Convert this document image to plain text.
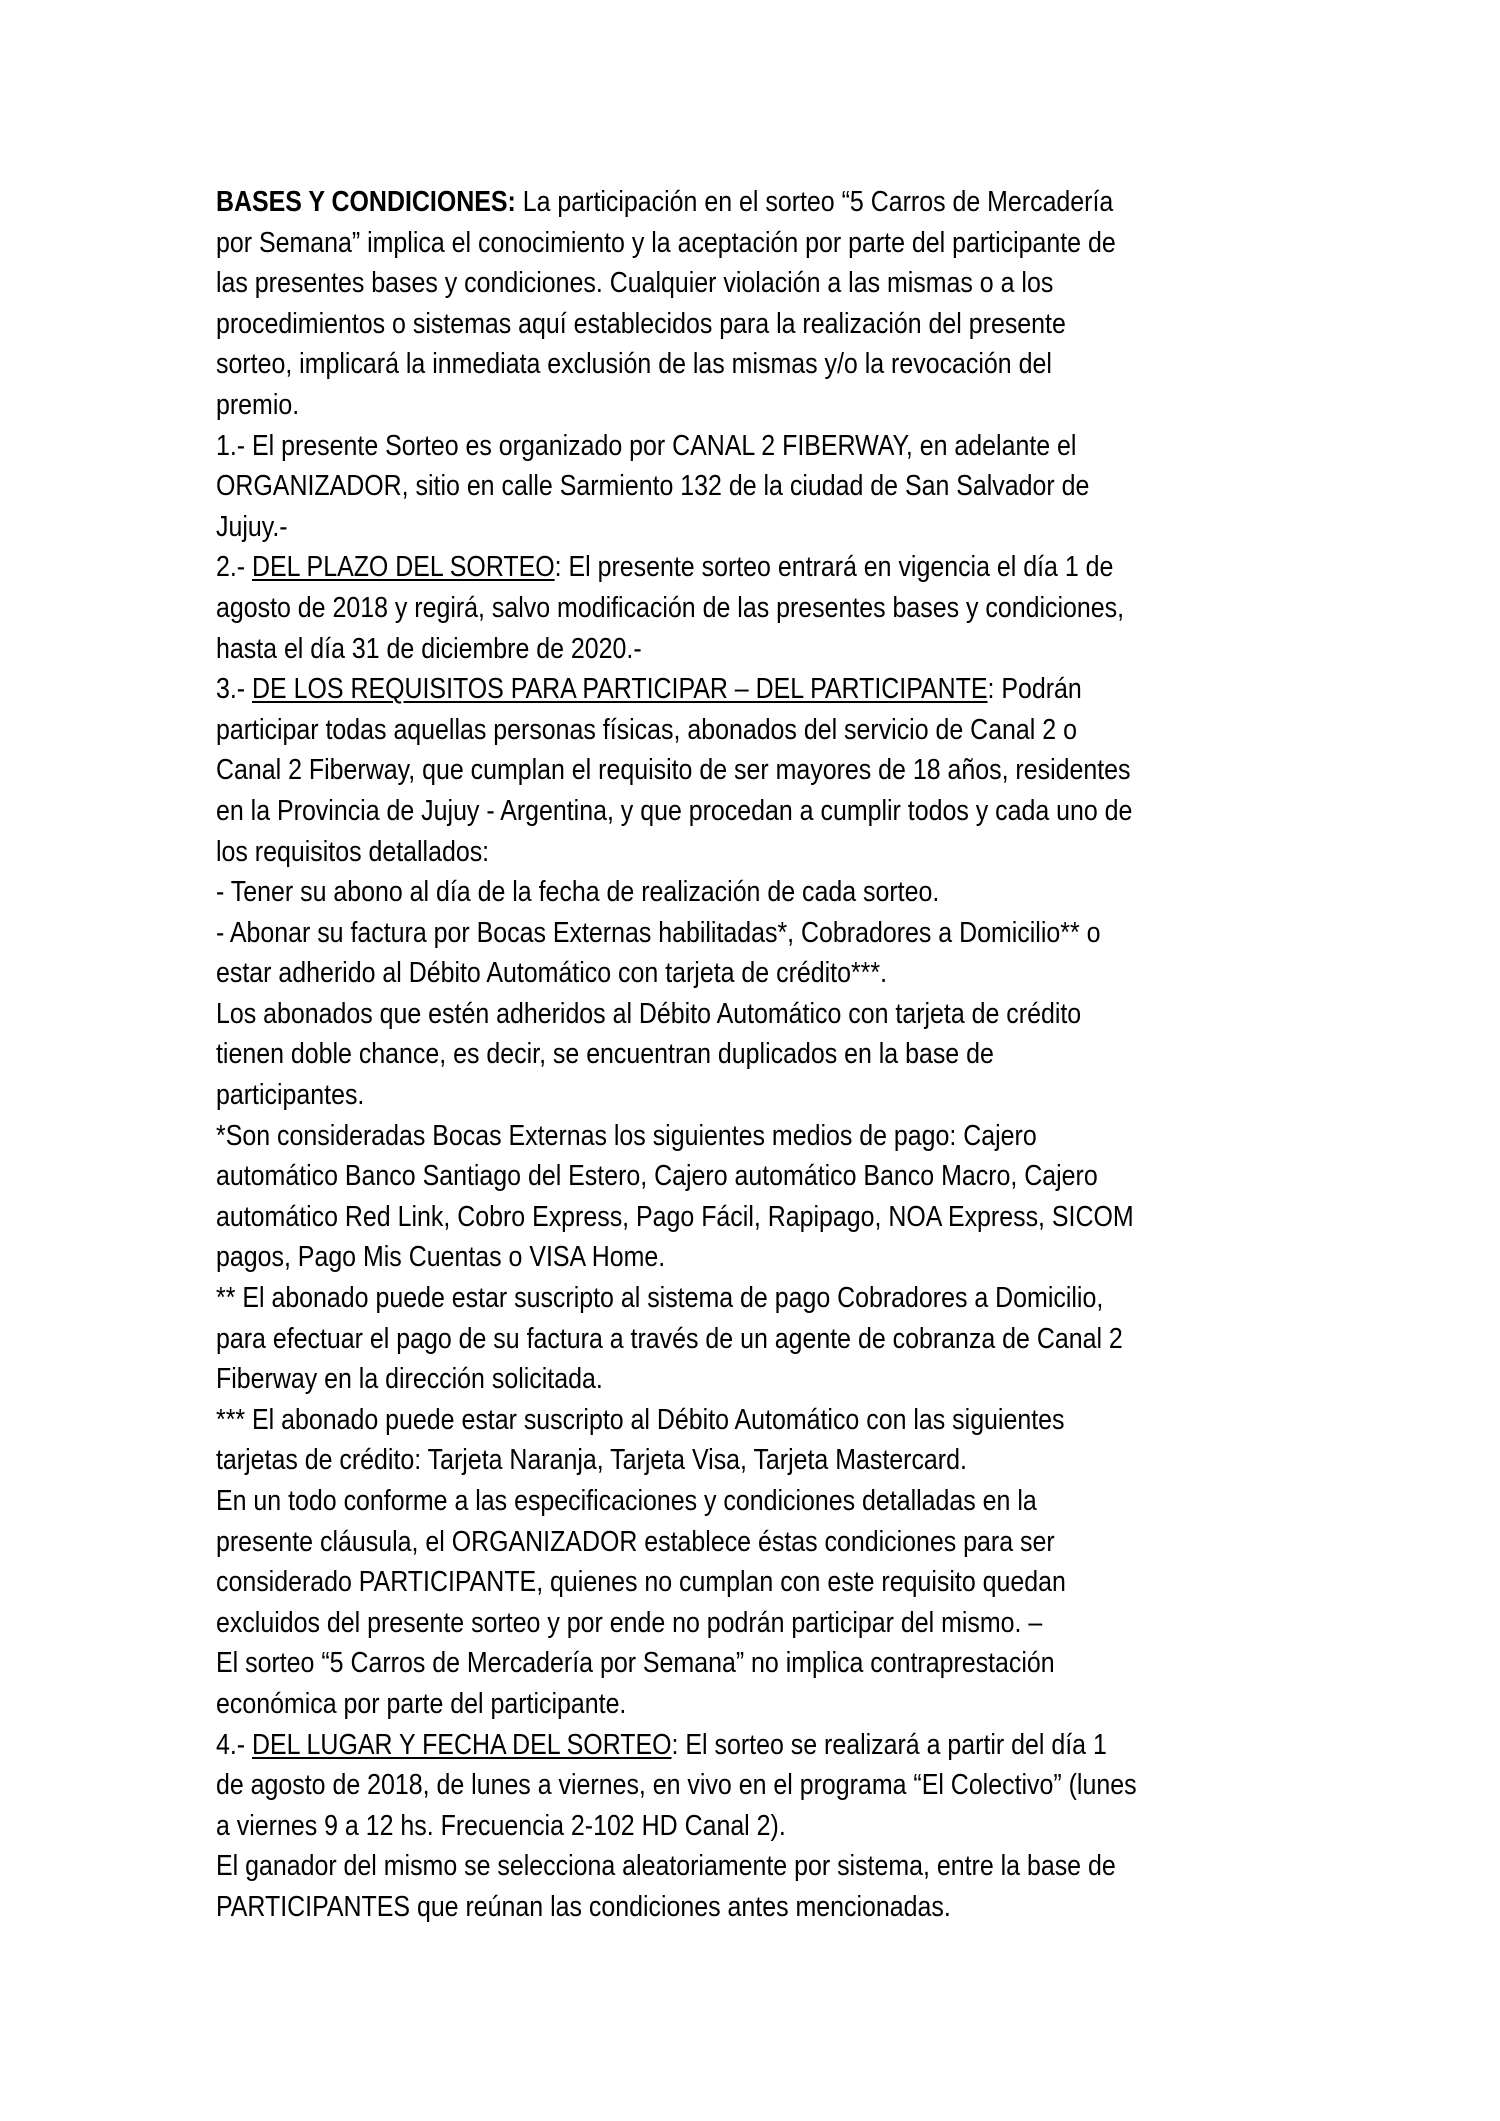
BASES Y CONDICIONES: La participación en el sorteo “5 Carros de Mercadería
por Semana” implica el conocimiento y la aceptación por parte del participante de
las presentes bases y condiciones. Cualquier violación a las mismas o a los
procedimientos o sistemas aquí establecidos para la realización del presente
sorteo, implicará la inmediata exclusión de las mismas y/o la revocación del
premio.
1.- El presente Sorteo es organizado por CANAL 2 FIBERWAY, en adelante el
ORGANIZADOR, sitio en calle Sarmiento 132 de la ciudad de San Salvador de
Jujuy.-
2.- DEL PLAZO DEL SORTEO: El presente sorteo entrará en vigencia el día 1 de
agosto de 2018 y regirá, salvo modificación de las presentes bases y condiciones,
hasta el día 31 de diciembre de 2020.-
3.- DE LOS REQUISITOS PARA PARTICIPAR – DEL PARTICIPANTE: Podrán
participar todas aquellas personas físicas, abonados del servicio de Canal 2 o
Canal 2 Fiberway, que cumplan el requisito de ser mayores de 18 años, residentes
en la Provincia de Jujuy - Argentina, y que procedan a cumplir todos y cada uno de
los requisitos detallados:
- Tener su abono al día de la fecha de realización de cada sorteo.
- Abonar su factura por Bocas Externas habilitadas*, Cobradores a Domicilio** o
estar adherido al Débito Automático con tarjeta de crédito***.
Los abonados que estén adheridos al Débito Automático con tarjeta de crédito
tienen doble chance, es decir, se encuentran duplicados en la base de
participantes.
*Son consideradas Bocas Externas los siguientes medios de pago: Cajero
automático Banco Santiago del Estero, Cajero automático Banco Macro, Cajero
automático Red Link, Cobro Express, Pago Fácil, Rapipago, NOA Express, SICOM
pagos, Pago Mis Cuentas o VISA Home.
** El abonado puede estar suscripto al sistema de pago Cobradores a Domicilio,
para efectuar el pago de su factura a través de un agente de cobranza de Canal 2
Fiberway en la dirección solicitada.
*** El abonado puede estar suscripto al Débito Automático con las siguientes
tarjetas de crédito: Tarjeta Naranja, Tarjeta Visa, Tarjeta Mastercard.
En un todo conforme a las especificaciones y condiciones detalladas en la
presente cláusula, el ORGANIZADOR establece éstas condiciones para ser
considerado PARTICIPANTE, quienes no cumplan con este requisito quedan
excluidos del presente sorteo y por ende no podrán participar del mismo. –
El sorteo “5 Carros de Mercadería por Semana” no implica contraprestación
económica por parte del participante.
4.- DEL LUGAR Y FECHA DEL SORTEO: El sorteo se realizará a partir del día 1
de agosto de 2018, de lunes a viernes, en vivo en el programa “El Colectivo” (lunes
a viernes 9 a 12 hs. Frecuencia 2-102 HD Canal 2).
El ganador del mismo se selecciona aleatoriamente por sistema, entre la base de
PARTICIPANTES que reúnan las condiciones antes mencionadas.
